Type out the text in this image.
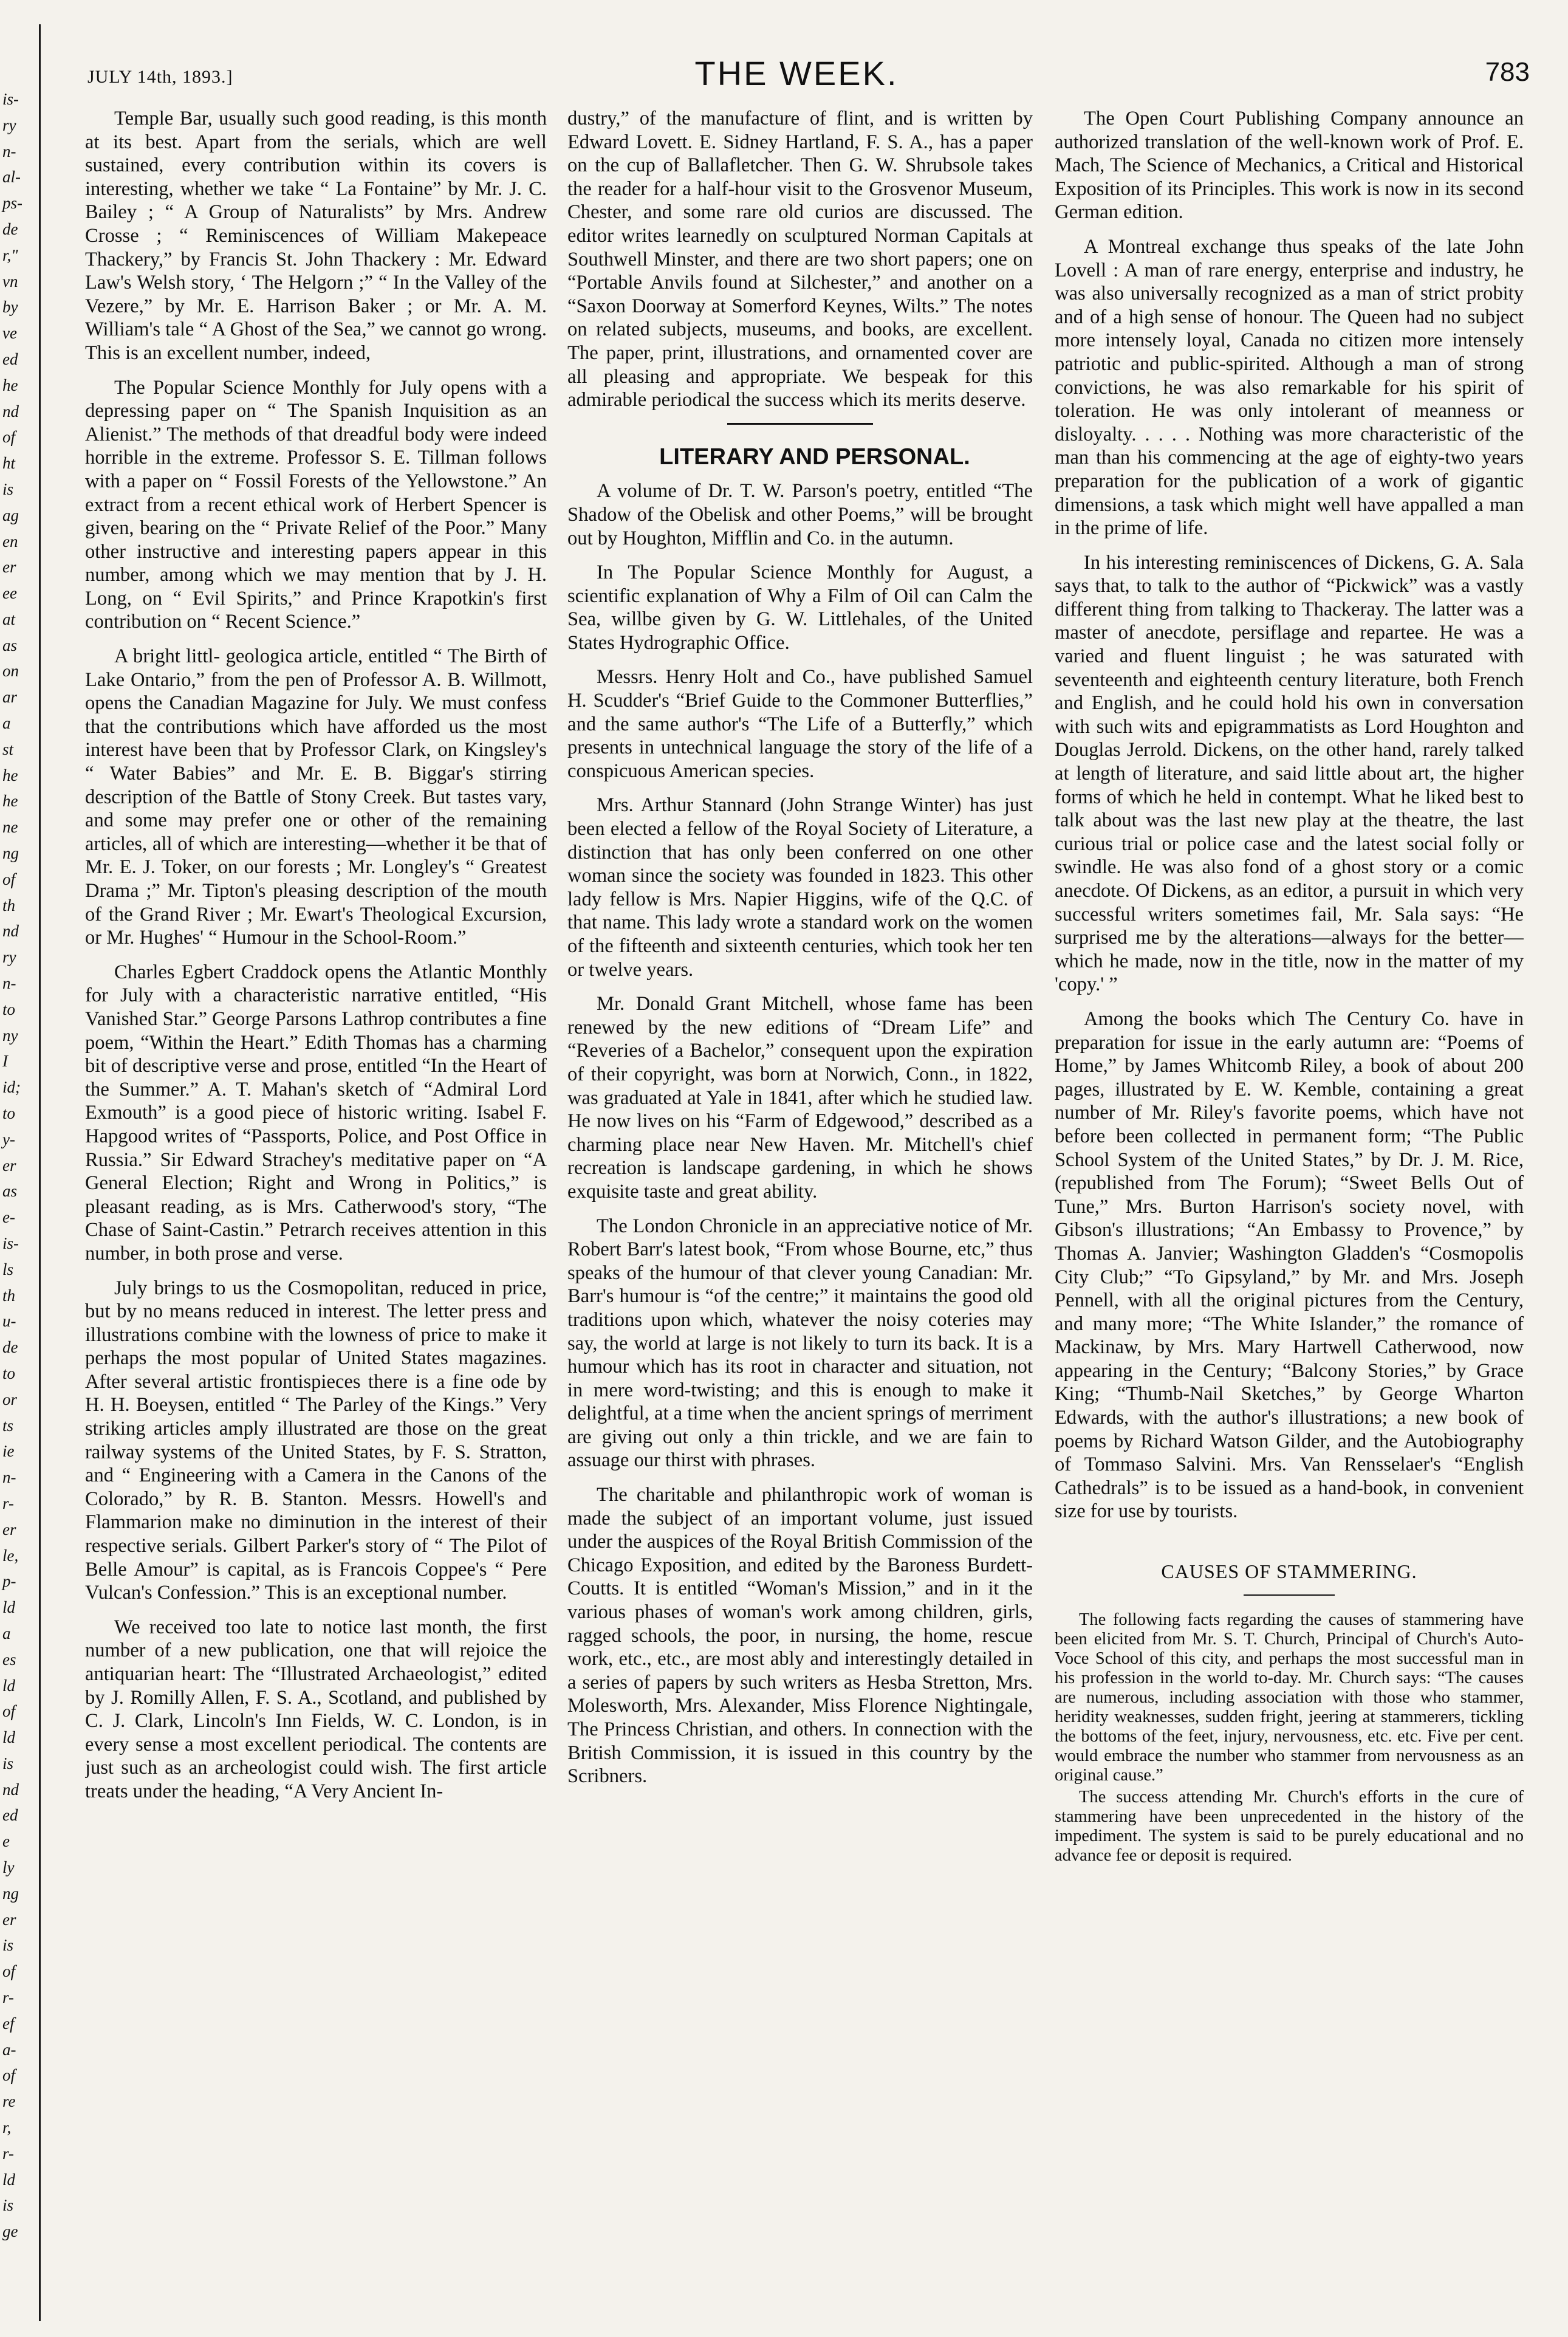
is-
ry
n-
al-
ps-
de
r,"
vn
by
ve
ed
he
nd
of
ht
is
ag
en
er
ee
at
as
on
ar
a
st
he
he
ne
ng
of
th
nd
ry
n-
to
ny
I
id;
to
y-
er
as
e-
is-
ls
th
u-
de
to
or
ts
ie
n-
r-
er
le,
p-
ld
a
es
ld
of
ld
is
nd
ed
e
ly
ng
er
is
of
r-
ef
a-
of
re
r,
r-
ld
is
ge
JULY 14th, 1893.]	THE WEEK.	783

Temple Bar, usually such good reading, is this month at its best. Apart from the serials, which are well sustained, every contribution within its covers is interesting, whether we take “ La Fontaine” by Mr. J. C. Bailey ; “ A Group of Naturalists” by Mrs. Andrew Crosse ; “ Reminiscences of William Makepeace Thackery,” by Francis St. John Thackery : Mr. Edward Law's Welsh story, ‘ The Helgorn ;” “ In the Valley of the Vezere,” by Mr. E. Harrison Baker ; or Mr. A. M. William's tale “ A Ghost of the Sea,” we cannot go wrong. This is an excellent number, indeed,

The Popular Science Monthly for July opens with a depressing paper on “ The Spanish Inquisition as an Alienist.” The methods of that dreadful body were indeed horrible in the extreme. Professor S. E. Tillman follows with a paper on “ Fossil Forests of the Yellowstone.” An extract from a recent ethical work of Herbert Spencer is given, bearing on the “ Private Relief of the Poor.” Many other instructive and interesting papers appear in this number, among which we may mention that by J. H. Long, on “ Evil Spirits,” and Prince Krapotkin's first contribution on “ Recent Science.”

A bright littl- geologica article, entitled “ The Birth of Lake Ontario,” from the pen of Professor A. B. Willmott, opens the Canadian Magazine for July. We must confess that the contributions which have afforded us the most interest have been that by Professor Clark, on Kingsley's “ Water Babies” and Mr. E. B. Biggar's stirring description of the Battle of Stony Creek. But tastes vary, and some may prefer one or other of the remaining articles, all of which are interesting—whether it be that of Mr. E. J. Toker, on our forests ; Mr. Longley's “ Greatest Drama ;” Mr. Tipton's pleasing description of the mouth of the Grand River ; Mr. Ewart's Theological Excursion, or Mr. Hughes' “ Humour in the School-Room.”

Charles Egbert Craddock opens the Atlantic Monthly for July with a characteristic narrative entitled, “His Vanished Star.” George Parsons Lathrop contributes a fine poem, “Within the Heart.” Edith Thomas has a charming bit of descriptive verse and prose, entitled “In the Heart of the Summer.” A. T. Mahan's sketch of “Admiral Lord Exmouth” is a good piece of historic writing. Isabel F. Hapgood writes of “Passports, Police, and Post Office in Russia.” Sir Edward Strachey's meditative paper on “A General Election; Right and Wrong in Politics,” is pleasant reading, as is Mrs. Catherwood's story, “The Chase of Saint-Castin.” Petrarch receives attention in this number, in both prose and verse.

July brings to us the Cosmopolitan, reduced in price, but by no means reduced in interest. The letter press and illustrations combine with the lowness of price to make it perhaps the most popular of United States magazines. After several artistic frontispieces there is a fine ode by H. H. Boeysen, entitled “ The Parley of the Kings.” Very striking articles amply illustrated are those on the great railway systems of the United States, by F. S. Stratton, and “ Engineering with a Camera in the Canons of the Colorado,” by R. B. Stanton. Messrs. Howell's and Flammarion make no diminution in the interest of their respective serials. Gilbert Parker's story of “ The Pilot of Belle Amour” is capital, as is Francois Coppee's “ Pere Vulcan's Confession.” This is an exceptional number.

We received too late to notice last month, the first number of a new publication, one that will rejoice the antiquarian heart: The “Illustrated Archaeologist,” edited by J. Romilly Allen, F. S. A., Scotland, and published by C. J. Clark, Lincoln's Inn Fields, W. C. London, is in every sense a most excellent periodical. The contents are just such as an archeologist could wish. The first article treats under the heading, “A Very Ancient In-

dustry,” of the manufacture of flint, and is written by Edward Lovett. E. Sidney Hartland, F. S. A., has a paper on the cup of Ballafletcher. Then G. W. Shrubsole takes the reader for a half-hour visit to the Grosvenor Museum, Chester, and some rare old curios are discussed. The editor writes learnedly on sculptured Norman Capitals at Southwell Minster, and there are two short papers; one on “Portable Anvils found at Silchester,” and another on a “Saxon Doorway at Somerford Keynes, Wilts.” The notes on related subjects, museums, and books, are excellent. The paper, print, illustrations, and ornamented cover are all pleasing and appropriate. We bespeak for this admirable periodical the success which its merits deserve.

LITERARY AND PERSONAL.

A volume of Dr. T. W. Parson's poetry, entitled “The Shadow of the Obelisk and other Poems,” will be brought out by Houghton, Mifflin and Co. in the autumn.

In The Popular Science Monthly for August, a scientific explanation of Why a Film of Oil can Calm the Sea, willbe given by G. W. Littlehales, of the United States Hydrographic Office.

Messrs. Henry Holt and Co., have published Samuel H. Scudder's “Brief Guide to the Commoner Butterflies,” and the same author's “The Life of a Butterfly,” which presents in untechnical language the story of the life of a conspicuous American species.

Mrs. Arthur Stannard (John Strange Winter) has just been elected a fellow of the Royal Society of Literature, a distinction that has only been conferred on one other woman since the society was founded in 1823. This other lady fellow is Mrs. Napier Higgins, wife of the Q.C. of that name. This lady wrote a standard work on the women of the fifteenth and sixteenth centuries, which took her ten or twelve years.

Mr. Donald Grant Mitchell, whose fame has been renewed by the new editions of “Dream Life” and “Reveries of a Bachelor,” consequent upon the expiration of their copyright, was born at Norwich, Conn., in 1822, was graduated at Yale in 1841, after which he studied law. He now lives on his “Farm of Edgewood,” described as a charming place near New Haven. Mr. Mitchell's chief recreation is landscape gardening, in which he shows exquisite taste and great ability.

The London Chronicle in an appreciative notice of Mr. Robert Barr's latest book, “From whose Bourne, etc,” thus speaks of the humour of that clever young Canadian: Mr. Barr's humour is “of the centre;” it maintains the good old traditions upon which, whatever the noisy coteries may say, the world at large is not likely to turn its back. It is a humour which has its root in character and situation, not in mere word-twisting; and this is enough to make it delightful, at a time when the ancient springs of merriment are giving out only a thin trickle, and we are fain to assuage our thirst with phrases.

The charitable and philanthropic work of woman is made the subject of an important volume, just issued under the auspices of the Royal British Commission of the Chicago Exposition, and edited by the Baroness Burdett-Coutts. It is entitled “Woman's Mission,” and in it the various phases of woman's work among children, girls, ragged schools, the poor, in nursing, the home, rescue work, etc., etc., are most ably and interestingly detailed in a series of papers by such writers as Hesba Stretton, Mrs. Molesworth, Mrs. Alexander, Miss Florence Nightingale, The Princess Christian, and others. In connection with the British Commission, it is issued in this country by the Scribners.

The Open Court Publishing Company announce an authorized translation of the well-known work of Prof. E. Mach, The Science of Mechanics, a Critical and Historical Exposition of its Principles. This work is now in its second German edition.

A Montreal exchange thus speaks of the late John Lovell : A man of rare energy, enterprise and industry, he was also universally recognized as a man of strict probity and of a high sense of honour. The Queen had no subject more intensely loyal, Canada no citizen more intensely patriotic and public-spirited. Although a man of strong convictions, he was also remarkable for his spirit of toleration. He was only intolerant of meanness or disloyalty. . . . . Nothing was more characteristic of the man than his commencing at the age of eighty-two years preparation for the publication of a work of gigantic dimensions, a task which might well have appalled a man in the prime of life.

In his interesting reminiscences of Dickens, G. A. Sala says that, to talk to the author of “Pickwick” was a vastly different thing from talking to Thackeray. The latter was a master of anecdote, persiflage and repartee. He was a varied and fluent linguist ; he was saturated with seventeenth and eighteenth century literature, both French and English, and he could hold his own in conversation with such wits and epigrammatists as Lord Houghton and Douglas Jerrold. Dickens, on the other hand, rarely talked at length of literature, and said little about art, the higher forms of which he held in contempt. What he liked best to talk about was the last new play at the theatre, the last curious trial or police case and the latest social folly or swindle. He was also fond of a ghost story or a comic anecdote. Of Dickens, as an editor, a pursuit in which very successful writers sometimes fail, Mr. Sala says: “He surprised me by the alterations—always for the better—which he made, now in the title, now in the matter of my 'copy.' ”

Among the books which The Century Co. have in preparation for issue in the early autumn are: “Poems of Home,” by James Whitcomb Riley, a book of about 200 pages, illustrated by E. W. Kemble, containing a great number of Mr. Riley's favorite poems, which have not before been collected in permanent form; “The Public School System of the United States,” by Dr. J. M. Rice, (republished from The Forum); “Sweet Bells Out of Tune,” Mrs. Burton Harrison's society novel, with Gibson's illustrations; “An Embassy to Provence,” by Thomas A. Janvier; Washington Gladden's “Cosmopolis City Club;” “To Gipsyland,” by Mr. and Mrs. Joseph Pennell, with all the original pictures from the Century, and many more; “The White Islander,” the romance of Mackinaw, by Mrs. Mary Hartwell Catherwood, now appearing in the Century; “Balcony Stories,” by Grace King; “Thumb-Nail Sketches,” by George Wharton Edwards, with the author's illustrations; a new book of poems by Richard Watson Gilder, and the Autobiography of Tommaso Salvini. Mrs. Van Rensselaer's “English Cathedrals” is to be issued as a hand-book, in convenient size for use by tourists.

CAUSES OF STAMMERING.

The following facts regarding the causes of stammering have been elicited from Mr. S. T. Church, Principal of Church's Auto-Voce School of this city, and perhaps the most successful man in his profession in the world to-day. Mr. Church says: “The causes are numerous, including association with those who stammer, heridity weaknesses, sudden fright, jeering at stammerers, tickling the bottoms of the feet, injury, nervousness, etc. etc. Five per cent. would embrace the number who stammer from nervousness as an original cause.”

The success attending Mr. Church's efforts in the cure of stammering have been unprecedented in the history of the impediment. The system is said to be purely educational and no advance fee or deposit is required.
